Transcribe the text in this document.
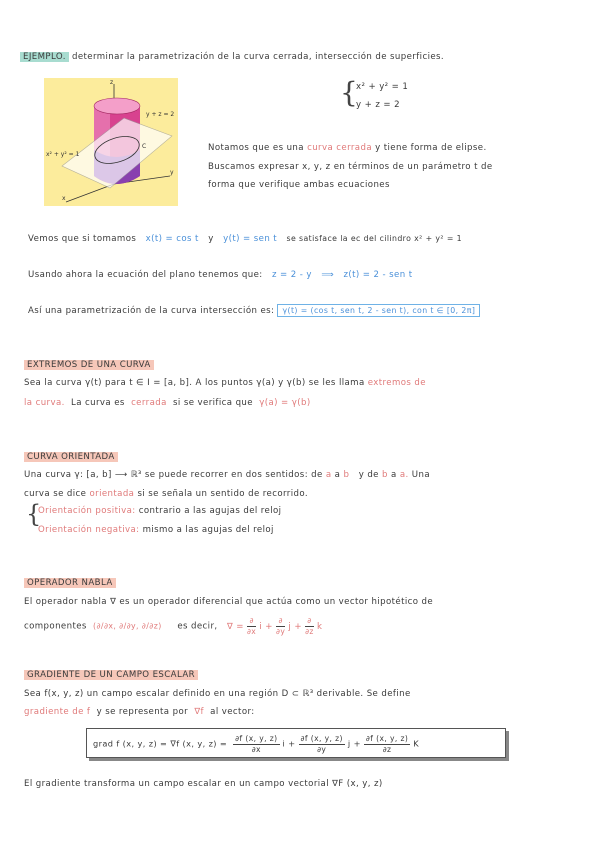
EJEMPLO. determinar la parametrización de la curva cerrada, intersección de superficies.
y + z = 2
x² + y² = 1
C
z
y
x
{
x² + y² = 1
y + z = 2
Notamos que es una curva cerrada y tiene forma de elipse.
Buscamos expresar x, y, z en términos de un parámetro t de
forma que verifique ambas ecuaciones
Vemos que si tomamos x(t) = cos t y y(t) = sen t se satisface la ec del cilindro x² + y² = 1
Usando ahora la ecuación del plano tenemos que: z = 2 - y ⟹ z(t) = 2 - sen t
Así una parametrización de la curva intersección es: γ(t) = (cos t, sen t, 2 - sen t), con t ∈ [0, 2π]
EXTREMOS DE UNA CURVA
Sea la curva γ(t) para t ∈ I = [a, b]. A los puntos γ(a) y γ(b) se les llama extremos de
la curva. La curva es cerrada si se verifica que γ(a) = γ(b)
CURVA ORIENTADA
Una curva γ: [a, b] ⟶ ℝ³ se puede recorrer en dos sentidos: de a a b y de b a a. Una
curva se dice orientada si se señala un sentido de recorrido.
{
Orientación positiva: contrario a las agujas del reloj
Orientación negativa: mismo a las agujas del reloj
OPERADOR NABLA
El operador nabla ∇ es un operador diferencial que actúa como un vector hipotético de
componentes (∂/∂x, ∂/∂y, ∂/∂z) es decir, ∇ = $\frac{\partial}{\partial x}$ $i + \frac{\partial}{\partial y}$ $j + \frac{\partial}{\partial z}$ k
GRADIENTE DE UN CAMPO ESCALAR
Sea f(x, y, z) un campo escalar definido en una región D ⊂ ℝ³ derivable. Se define
gradiente de f y se representa por ∇f al vector:
grad f (x, y, z) = ∇f (x, y, $z) = \frac{\partial f (x, y, z)}{\partial x}$ $i + \frac{\partial f (x, y, z)}{\partial y}$ $j + \frac{\partial f (x, y, z)}{\partial z}$ K
El gradiente transforma un campo escalar en un campo vectorial ∇F (x, y, z)
